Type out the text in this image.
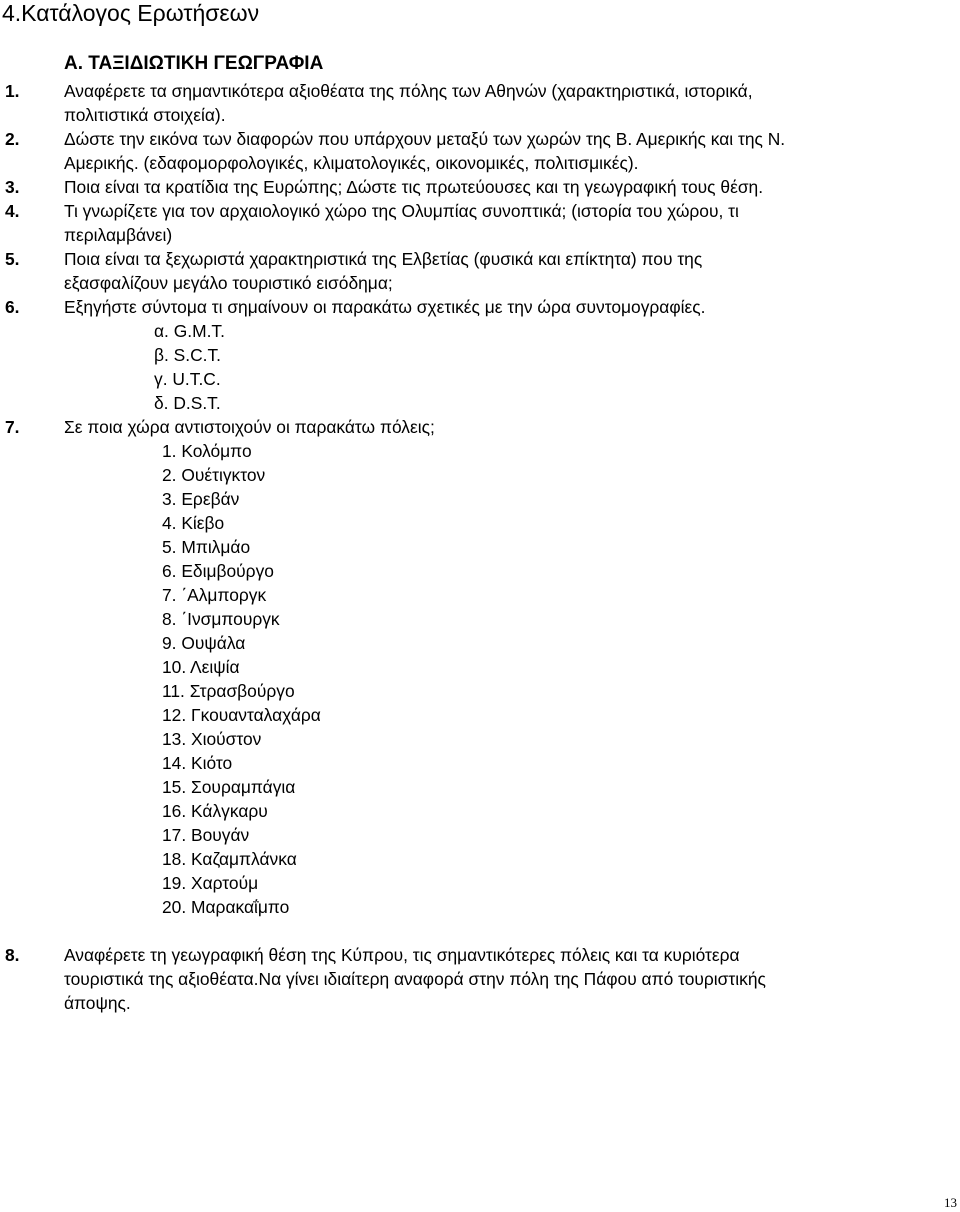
4.Κατάλογος Ερωτήσεων
Α. ΤΑΞΙΔΙΩΤΙΚΗ ΓΕΩΓΡΑΦΙΑ
1.	Αναφέρετε τα σημαντικότερα αξιοθέατα της πόλης των Αθηνών (χαρακτηριστικά, ιστορικά,
πολιτιστικά στοιχεία).
2.	Δώστε την εικόνα των διαφορών που υπάρχουν μεταξύ των χωρών της Β. Αμερικής και της Ν.
Αμερικής. (εδαφομορφολογικές, κλιματολογικές, οικονομικές, πολιτισμικές).
3.	Ποια είναι τα κρατίδια της Ευρώπης; Δώστε τις πρωτεύουσες και τη γεωγραφική τους θέση.
4.	Τι γνωρίζετε για τον αρχαιολογικό χώρο της Ολυμπίας συνοπτικά; (ιστορία του χώρου, τι
περιλαμβάνει)
5.	Ποια είναι τα ξεχωριστά χαρακτηριστικά της Ελβετίας (φυσικά και επίκτητα) που της
εξασφαλίζουν μεγάλο τουριστικό εισόδημα;
6.	Εξηγήστε σύντομα τι σημαίνουν οι παρακάτω σχετικές με την ώρα συντομογραφίες.
α. G.M.T.
β. S.C.T.
γ. U.T.C.
δ. D.S.T.
7.	Σε ποια χώρα αντιστοιχούν οι παρακάτω πόλεις;
1. Κολόμπο
2. Ουέτιγκτον
3. Ερεβάν
4. Κίεβο
5. Μπιλμάο
6. Εδιμβούργο
7. ΄Αλμποργκ
8. ΄Ινσμπουργκ
9. Ουψάλα
10. Λειψία
11. Στρασβούργο
12. Γκουανταλαχάρα
13. Χιούστον
14. Κιότο
15. Σουραμπάγια
16. Κάλγκαρυ
17. Βουγάν
18. Καζαμπλάνκα
19. Χαρτούμ
20. Μαρακαΐμπο
8.	Αναφέρετε τη γεωγραφική θέση της Κύπρου, τις σημαντικότερες πόλεις και τα κυριότερα
τουριστικά της αξιοθέατα.Να γίνει ιδιαίτερη αναφορά στην πόλη της Πάφου από τουριστικής
άποψης.
13
